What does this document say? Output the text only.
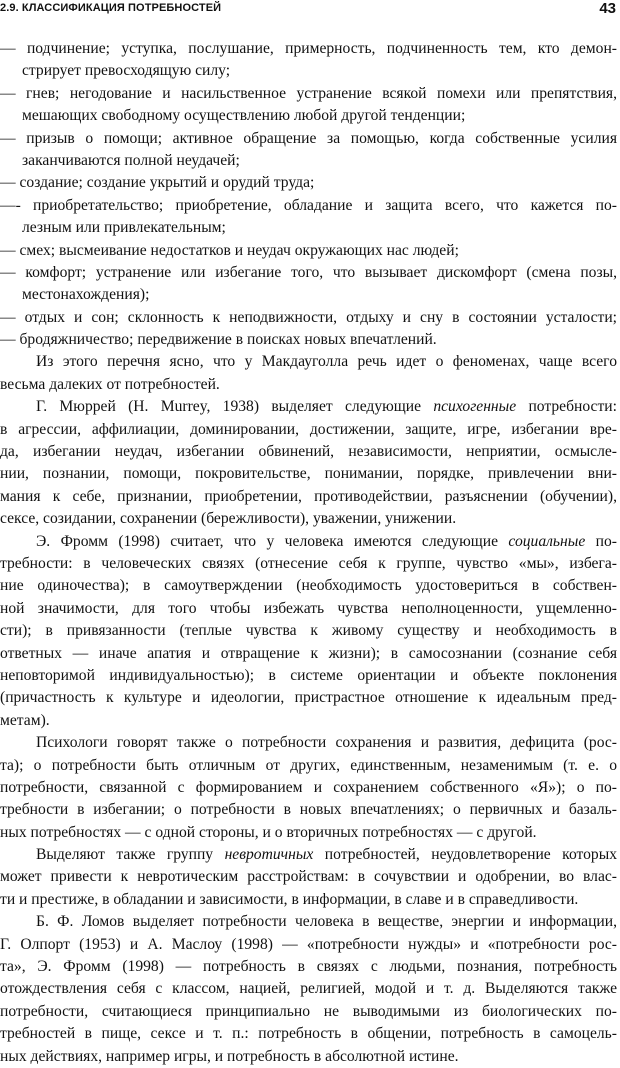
2.9. КЛАССИФИКАЦИЯ ПОТРЕБНОСТЕЙ	43
— подчинение; уступка, послушание, примерность, подчиненность тем, кто демон-
стрирует превосходящую силу;
— гнев; негодование и насильственное устранение всякой помехи или препятствия,
мешающих свободному осуществлению любой другой тенденции;
— призыв о помощи; активное обращение за помощью, когда собственные усилия
заканчиваются полной неудачей;
— создание; создание укрытий и орудий труда;
—- приобретательство; приобретение, обладание и защита всего, что кажется по-
лезным или привлекательным;
— смех; высмеивание недостатков и неудач окружающих нас людей;
— комфорт; устранение или избегание того, что вызывает дискомфорт (смена позы,
местонахождения);
— отдых и сон; склонность к неподвижности, отдыху и сну в состоянии усталости;
— бродяжничество; передвижение в поисках новых впечатлений.
Из этого перечня ясно, что у Макдауголла речь идет о феноменах, чаще всего
весьма далеких от потребностей.
Г. Мюррей (H. Murrey, 1938) выделяет следующие психогенные потребности:
в агрессии, аффилиации, доминировании, достижении, защите, игре, избегании вре-
да, избегании неудач, избегании обвинений, независимости, неприятии, осмысле-
нии, познании, помощи, покровительстве, понимании, порядке, привлечении вни-
мания к себе, признании, приобретении, противодействии, разъяснении (обучении),
сексе, созидании, сохранении (бережливости), уважении, унижении.
Э. Фромм (1998) считает, что у человека имеются следующие социальные по-
требности: в человеческих связях (отнесение себя к группе, чувство «мы», избега-
ние одиночества); в самоутверждении (необходимость удостовериться в собствен-
ной значимости, для того чтобы избежать чувства неполноценности, ущемленно-
сти); в привязанности (теплые чувства к живому существу и необходимость в
ответных — иначе апатия и отвращение к жизни); в самосознании (сознание себя
неповторимой индивидуальностью); в системе ориентации и объекте поклонения
(причастность к культуре и идеологии, пристрастное отношение к идеальным пред-
метам).
Психологи говорят также о потребности сохранения и развития, дефицита (рос-
та); о потребности быть отличным от других, единственным, незаменимым (т. е. о
потребности, связанной с формированием и сохранением собственного «Я»); о по-
требности в избегании; о потребности в новых впечатлениях; о первичных и базаль-
ных потребностях — с одной стороны, и о вторичных потребностях — с другой.
Выделяют также группу невротичных потребностей, неудовлетворение которых
может привести к невротическим расстройствам: в сочувствии и одобрении, во влас-
ти и престиже, в обладании и зависимости, в информации, в славе и в справедливости.
Б. Ф. Ломов выделяет потребности человека в веществе, энергии и информации,
Г. Олпорт (1953) и А. Маслоу (1998) — «потребности нужды» и «потребности рос-
та», Э. Фромм (1998) — потребность в связях с людьми, познания, потребность
отождествления себя с классом, нацией, религией, модой и т. д. Выделяются также
потребности, считающиеся принципиально не выводимыми из биологических по-
требностей в пище, сексе и т. п.: потребность в общении, потребность в самоцель-
ных действиях, например игры, и потребность в абсолютной истине.
